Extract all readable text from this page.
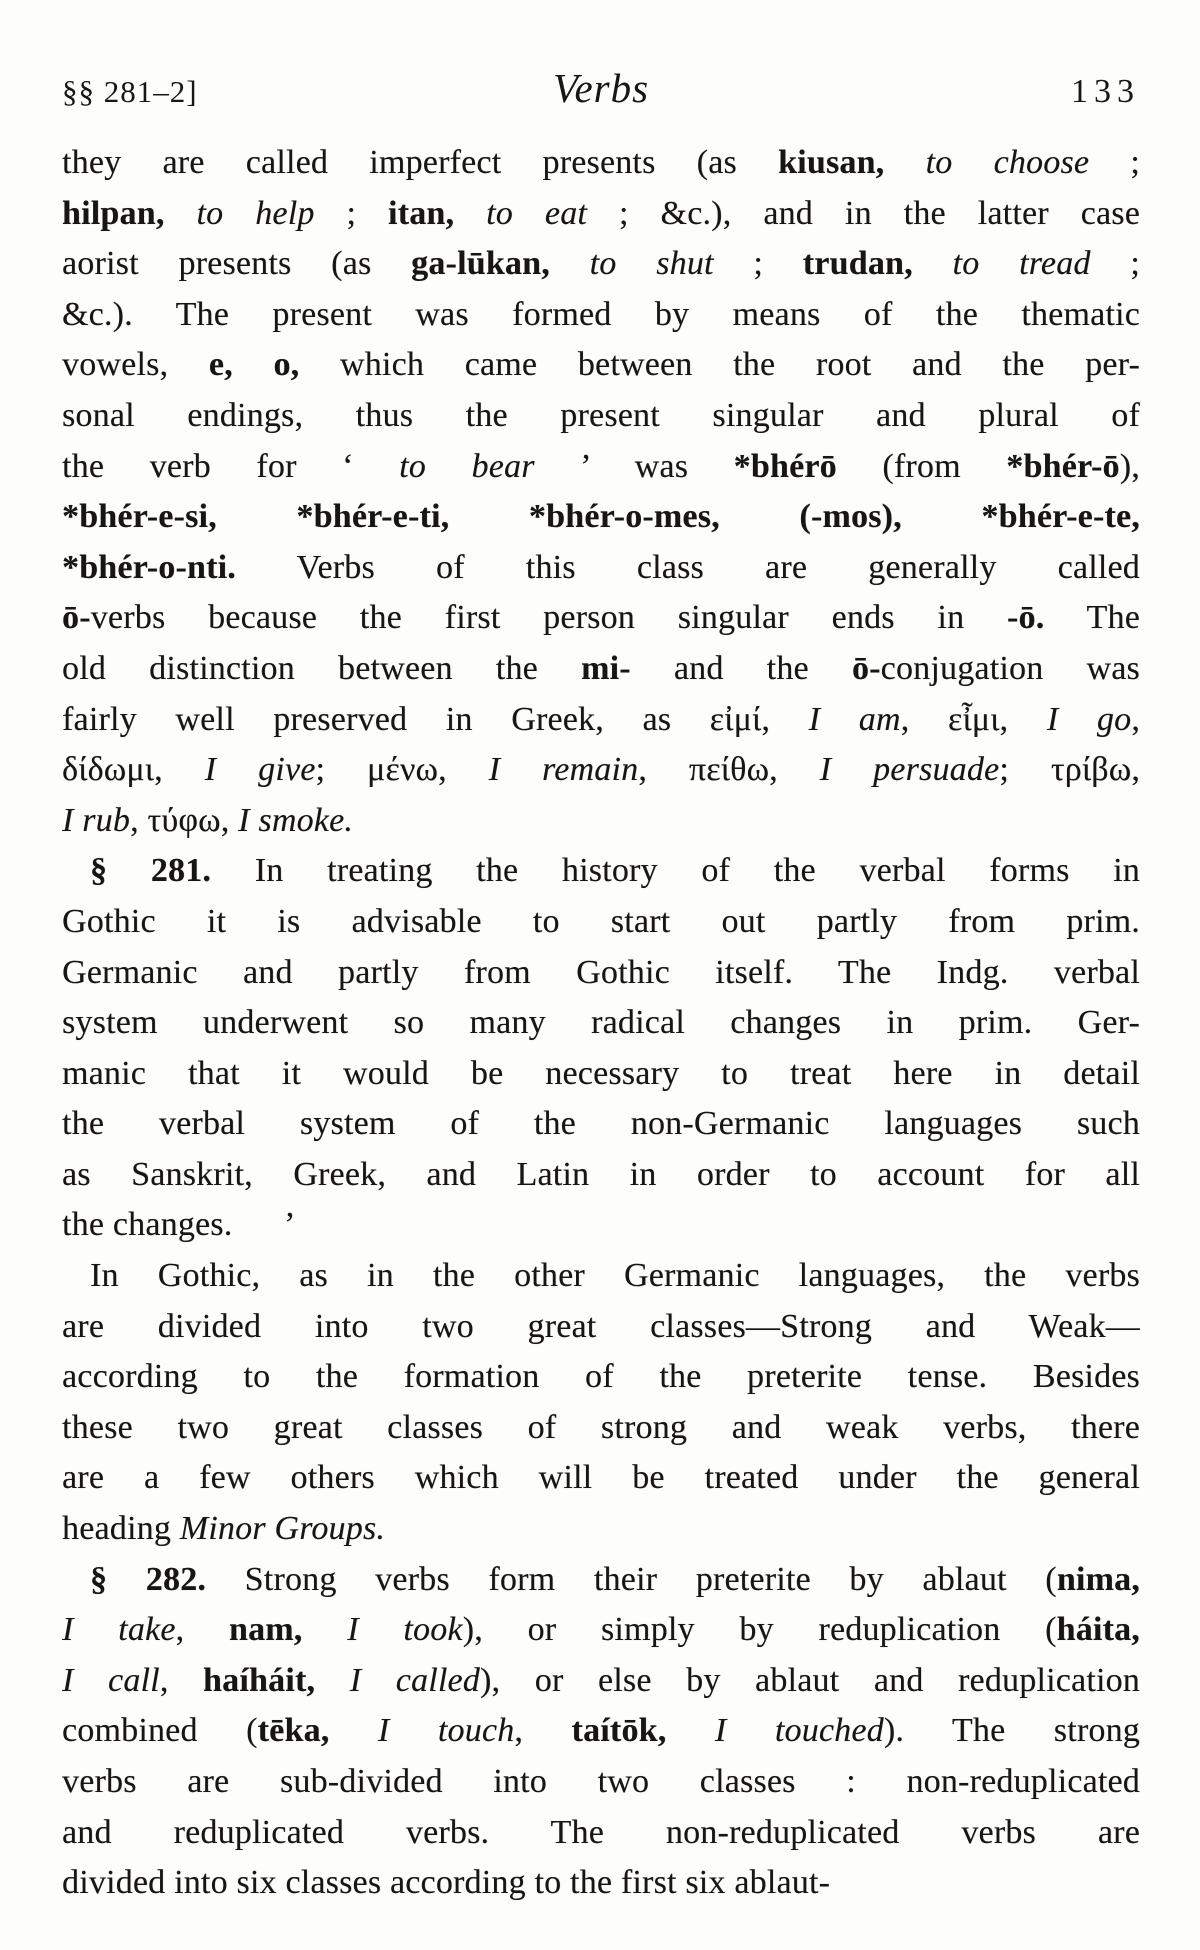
§§ 281–2]	Verbs	133
they are called imperfect presents (as kiusan, to choose ;
hilpan, to help ; itan, to eat ; &c.), and in the latter case
aorist presents (as ga-lūkan, to shut ; trudan, to tread ;
&c.). The present was formed by means of the thematic
vowels, e, o, which came between the root and the per-
sonal endings, thus the present singular and plural of
the verb for ‘ to bear ’ was *bhérō (from *bhér-ō),
*bhér-e-si, *bhér-e-ti, *bhér-o-mes, (-mos), *bhér-e-te,
*bhér-o-nti. Verbs of this class are generally called
ō-verbs because the first person singular ends in -ō. The
old distinction between the mi- and the ō-conjugation was
fairly well preserved in Greek, as εἰμί, I am, εἶμι, I go,
δίδωμι, I give; μένω, I remain, πείθω, I persuade; τρίβω,
I rub, τύφω, I smoke.
§ 281. In treating the history of the verbal forms in
Gothic it is advisable to start out partly from prim.
Germanic and partly from Gothic itself. The Indg. verbal
system underwent so many radical changes in prim. Ger-
manic that it would be necessary to treat here in detail
the verbal system of the non-Germanic languages such
as Sanskrit, Greek, and Latin in order to account for all
the changes.   ’
In Gothic, as in the other Germanic languages, the verbs
are divided into two great classes—Strong and Weak—
according to the formation of the preterite tense. Besides
these two great classes of strong and weak verbs, there
are a few others which will be treated under the general
heading Minor Groups.
§ 282. Strong verbs form their preterite by ablaut (nima,
I take, nam, I took), or simply by reduplication (háita,
I call, haíháit, I called), or else by ablaut and reduplication
combined (tēka, I touch, taítōk, I touched). The strong
verbs are sub-divided into two classes : non-reduplicated
and reduplicated verbs. The non-reduplicated verbs are
divided into six classes according to the first six ablaut-
